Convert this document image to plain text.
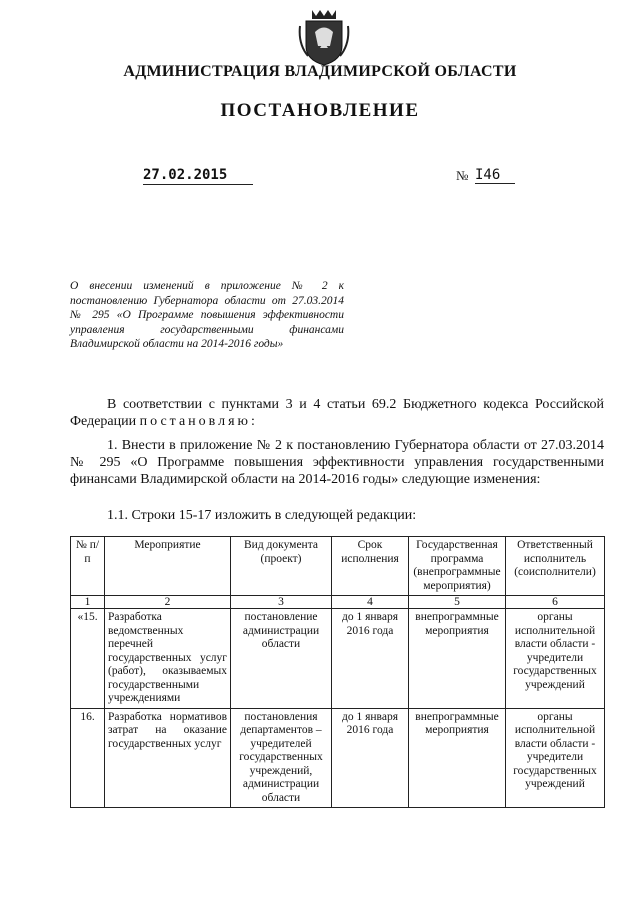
АДМИНИСТРАЦИЯ ВЛАДИМИРСКОЙ ОБЛАСТИ
ПОСТАНОВЛЕНИЕ
27.02.2015	№ I46
О внесении изменений в приложение № 2 к постановлению Губернатора области от 27.03.2014 № 295 «О Программе повышения эффективности управления государственными финансами Владимирской области на 2014-2016 годы»
В соответствии с пунктами 3 и 4 статьи 69.2 Бюджетного кодекса Российской Федерации постановляю:
1. Внести в приложение № 2 к постановлению Губернатора области от 27.03.2014 № 295 «О Программе повышения эффективности управления государственными финансами Владимирской области на 2014-2016 годы» следующие изменения:
1.1. Строки 15-17 изложить в следующей редакции:
№ п/п	Мероприятие	Вид документа (проект)	Срок исполнения	Государственная программа (внепрограммные мероприятия)	Ответственный исполнитель (соисполнители)
1	2	3	4	5	6
«15.	Разработка ведомственных перечней государственных услуг (работ), оказываемых государственными учреждениями	постановление администрации области	до 1 января 2016 года	внепрограммные мероприятия	органы исполнительной власти области - учредители государственных учреждений
16.	Разработка нормативов затрат на оказание государственных услуг	постановления департаментов – учредителей государственных учреждений, администрации области	до 1 января 2016 года	внепрограммные мероприятия	органы исполнительной власти области - учредители государственных учреждений
